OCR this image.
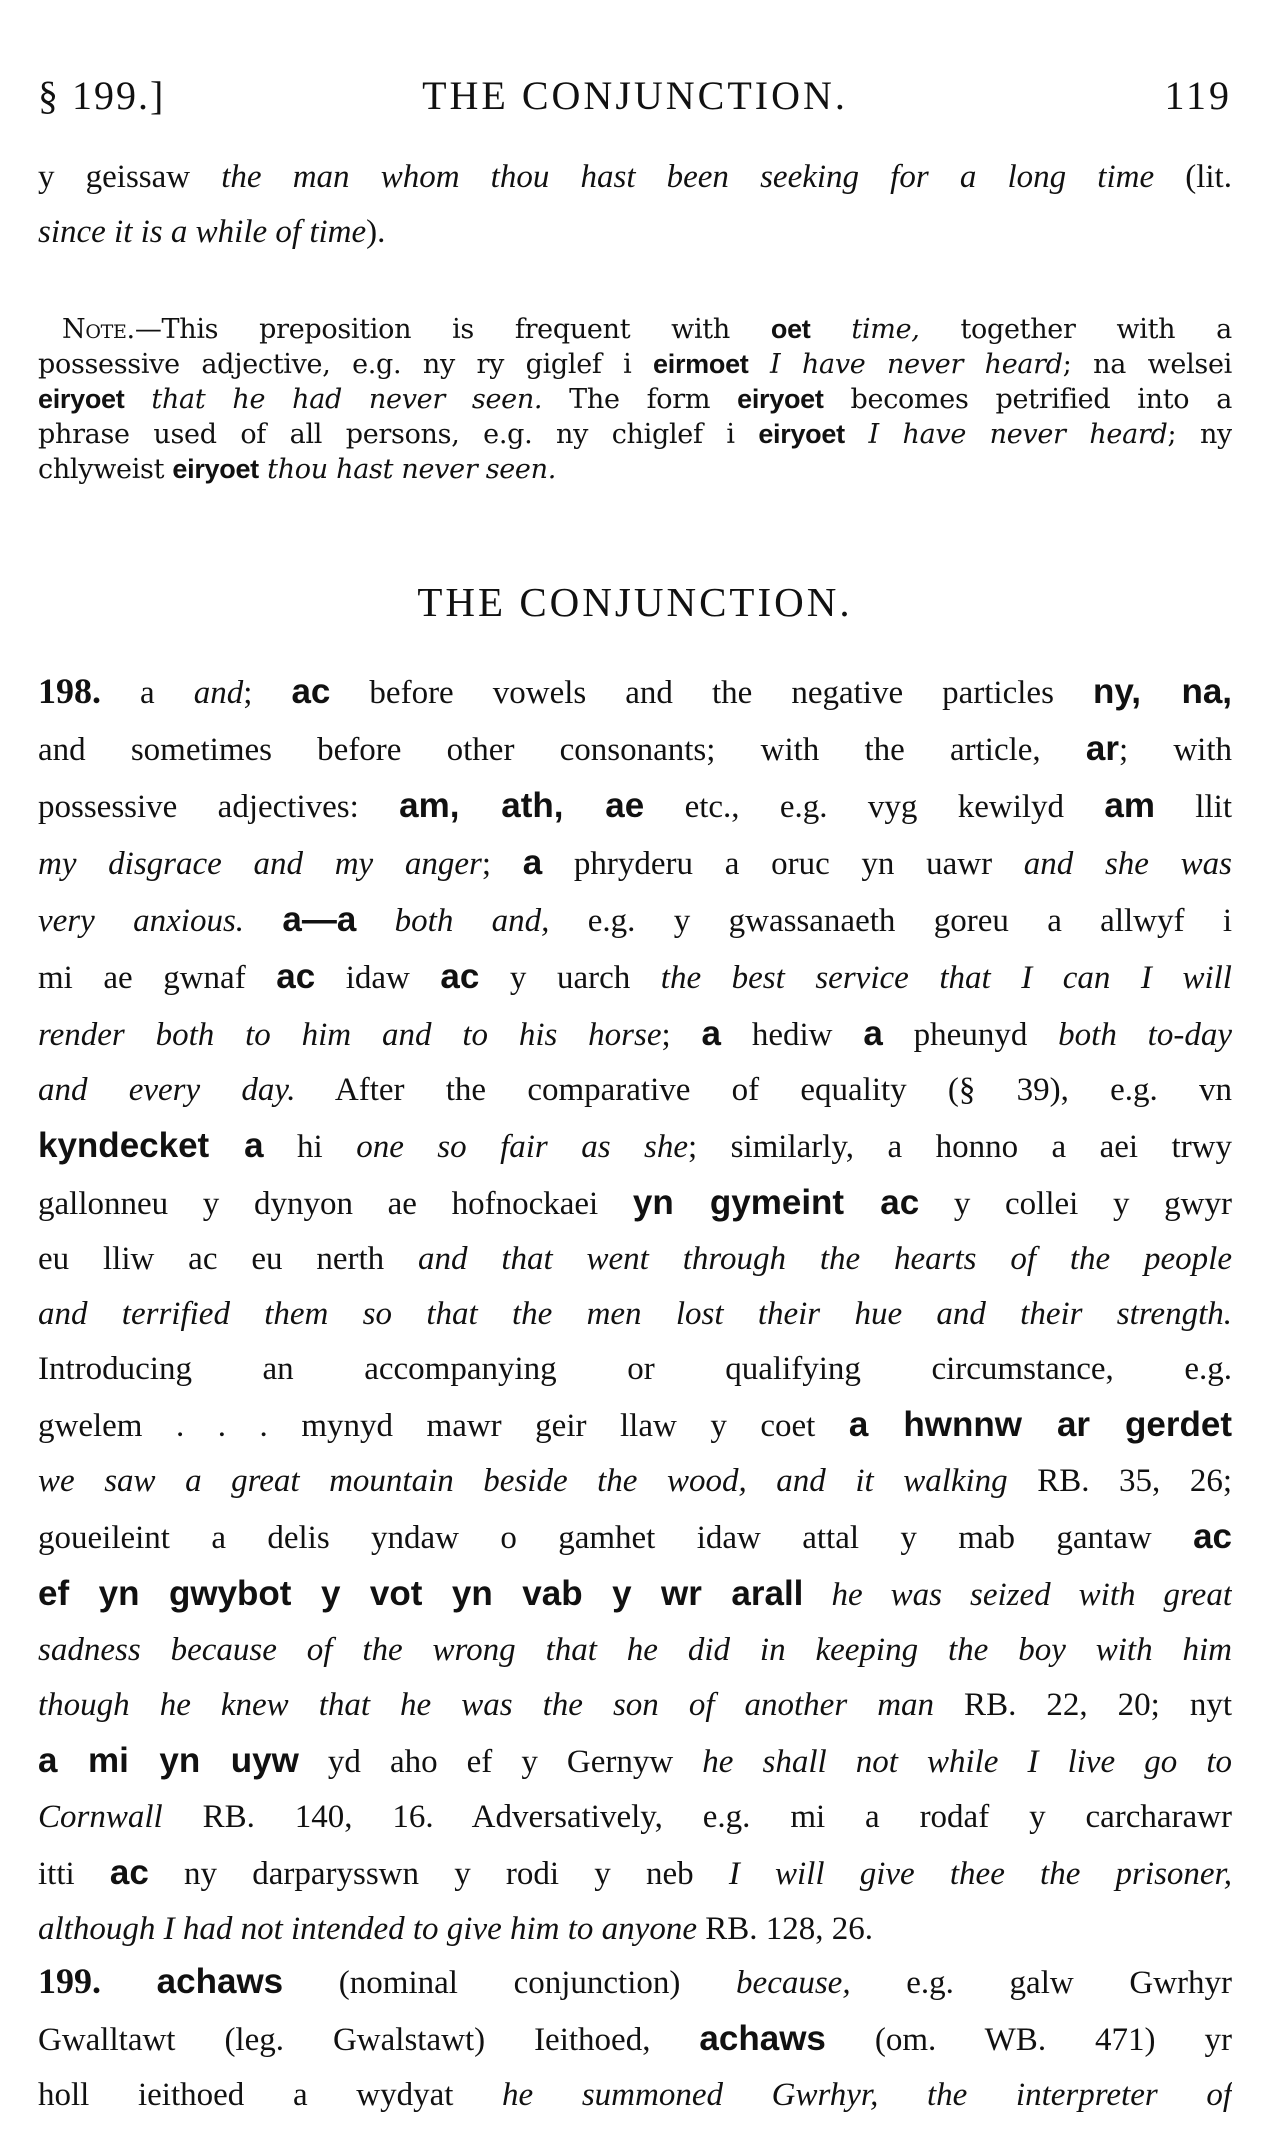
§ 199.]	THE CONJUNCTION.	119
y geissaw the man whom thou hast been seeking for a long time (lit.
since it is a while of time).
Note.—This preposition is frequent with oet time, together with a
possessive adjective, e.g. ny ry giglef i eirmoet I have never heard; na welsei
eiryoet that he had never seen. The form eiryoet becomes petrified into a
phrase used of all persons, e.g. ny chiglef i eiryoet I have never heard; ny
chlyweist eiryoet thou hast never seen.
THE CONJUNCTION.
198. a and; ac before vowels and the negative particles ny, na,
and sometimes before other consonants; with the article, ar; with
possessive adjectives: am, ath, ae etc., e.g. vyg kewilyd am llit
my disgrace and my anger; a phryderu a oruc yn uawr and she was
very anxious. a—a both and, e.g. y gwassanaeth goreu a allwyf i
mi ae gwnaf ac idaw ac y uarch the best service that I can I will
render both to him and to his horse; a hediw a pheunyd both to-day
and every day. After the comparative of equality (§ 39), e.g. vn
kyndecket a hi one so fair as she; similarly, a honno a aei trwy
gallonneu y dynyon ae hofnockaei yn gymeint ac y collei y gwyr
eu lliw ac eu nerth and that went through the hearts of the people
and terrified them so that the men lost their hue and their strength.
Introducing an accompanying or qualifying circumstance, e.g.
gwelem . . . mynyd mawr geir llaw y coet a hwnnw ar gerdet
we saw a great mountain beside the wood, and it walking RB. 35, 26;
goueileint a delis yndaw o gamhet idaw attal y mab gantaw ac
ef yn gwybot y vot yn vab y wr arall he was seized with great
sadness because of the wrong that he did in keeping the boy with him
though he knew that he was the son of another man RB. 22, 20; nyt
a mi yn uyw yd aho ef y Gernyw he shall not while I live go to
Cornwall RB. 140, 16. Adversatively, e.g. mi a rodaf y carcharawr
itti ac ny darparysswn y rodi y neb I will give thee the prisoner,
although I had not intended to give him to anyone RB. 128, 26.
199. achaws (nominal conjunction) because, e.g. galw Gwrhyr
Gwalltawt (leg. Gwalstawt) Ieithoed, achaws (om. WB. 471) yr
holl ieithoed a wydyat he summoned Gwrhyr, the interpreter of
